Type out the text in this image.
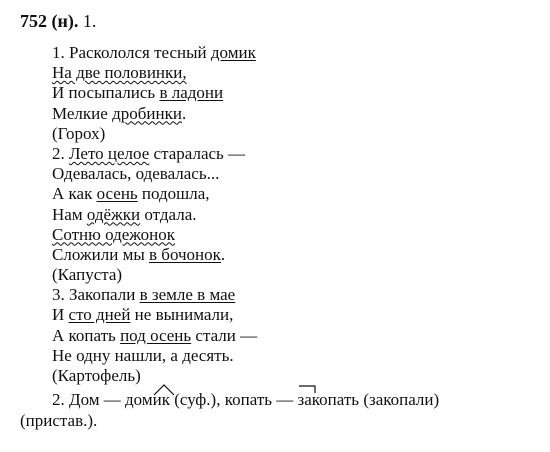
752 (н). 1.
1. Раскололся тесный домик
На две половинки,
И посыпались в ладони
Мелкие дробинки.
(Горох)
2. Лето целое старалась —
Одевалась, одевалась...
А как осень подошла,
Нам одёжки отдала.
Сотню одежонок
Сложили мы в бочонок.
(Капуста)
3. Закопали в земле в мае
И сто дней не вынимали,
А копать под осень стали —
Не одну нашли, а десять.
(Картофель)
2. Дом — дом
ик (суф.), копать —
закопать (закопали)
(пристав.).
